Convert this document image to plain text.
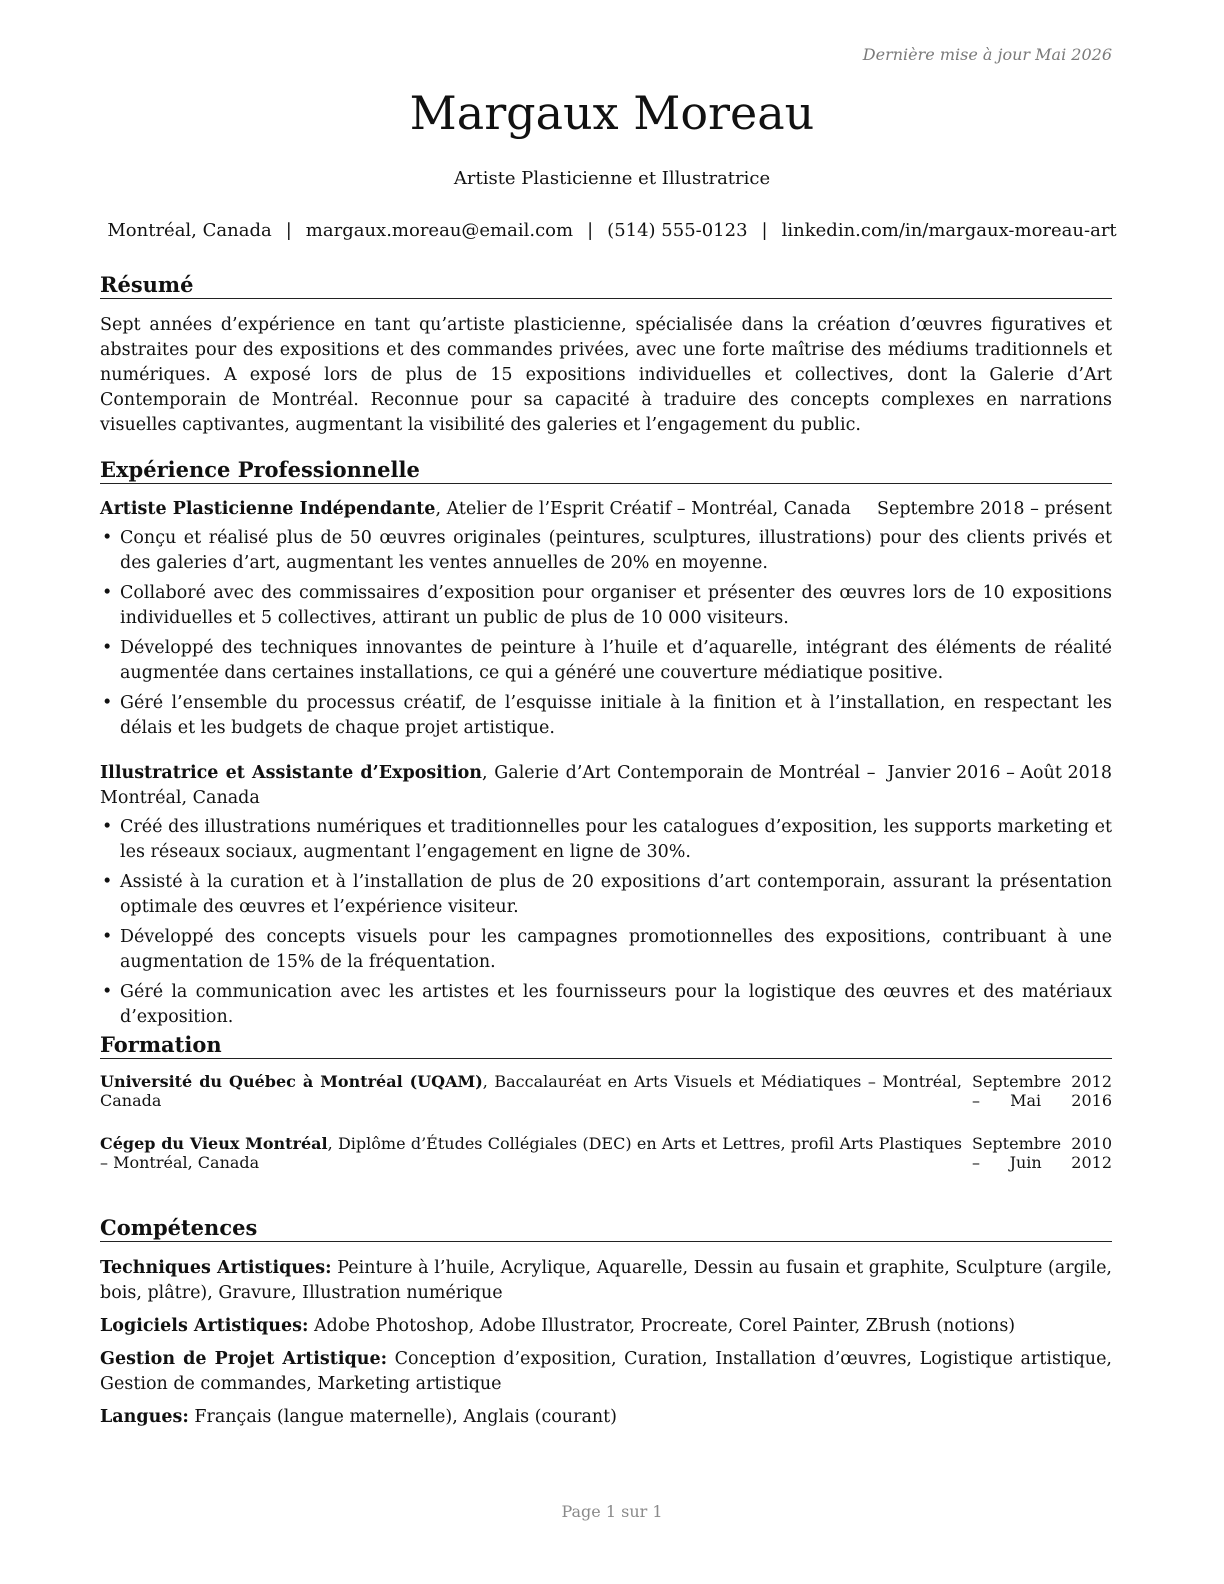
Dernière mise à jour Mai 2026
Margaux Moreau
Artiste Plasticienne et Illustratrice
Montréal, Canada | margaux.moreau@email.com | (514) 555-0123 | linkedin.com/in/margaux-moreau-art
Résumé

Sept années d’expérience en tant qu’artiste plasticienne, spécialisée dans la création d’œuvres figuratives et abstraites pour des expositions et des commandes privées, avec une forte maîtrise des médiums traditionnels et numériques. A exposé lors de plus de 15 expositions individuelles et collectives, dont la Galerie d’Art Contemporain de Montréal. Reconnue pour sa capacité à traduire des concepts complexes en narrations visuelles captivantes, augmentant la visibilité des galeries et l’engagement du public.

Expérience Professionnelle
Artiste Plasticienne Indépendante, Atelier de l’Esprit Créatif – Montréal, Canada	Septembre 2018 – présent
• Conçu et réalisé plus de 50 œuvres originales (peintures, sculptures, illustrations) pour des clients privés et des galeries d’art, augmentant les ventes annuelles de 20% en moyenne.
• Collaboré avec des commissaires d’exposition pour organiser et présenter des œuvres lors de 10 expositions individuelles et 5 collectives, attirant un public de plus de 10 000 visiteurs.
• Développé des techniques innovantes de peinture à l’huile et d’aquarelle, intégrant des éléments de réalité augmentée dans certaines installations, ce qui a généré une couverture médiatique positive.
• Géré l’ensemble du processus créatif, de l’esquisse initiale à la finition et à l’installation, en respectant les délais et les budgets de chaque projet artistique.
Illustratrice et Assistante d’Exposition, Galerie d’Art Contemporain de Montréal – Montréal, Canada
Janvier 2016 – Août 2018
• Créé des illustrations numériques et traditionnelles pour les catalogues d’exposition, les supports marketing et les réseaux sociaux, augmentant l’engagement en ligne de 30%.
• Assisté à la curation et à l’installation de plus de 20 expositions d’art contemporain, assurant la présentation optimale des œuvres et l’expérience visiteur.
• Développé des concepts visuels pour les campagnes promotionnelles des expositions, contribuant à une augmentation de 15% de la fréquentation.
• Géré la communication avec les artistes et les fournisseurs pour la logistique des œuvres et des matériaux d’exposition.
Formation
Université du Québec à Montréal (UQAM), Baccalauréat en Arts Visuels et Médiatiques – Montréal, Canada
Septembre 2012 – Mai 2016
Cégep du Vieux Montréal, Diplôme d’Études Collégiales (DEC) en Arts et Lettres, profil Arts Plastiques – Montréal, Canada
Septembre 2010 – Juin 2012
Compétences

Techniques Artistiques: Peinture à l’huile, Acrylique, Aquarelle, Dessin au fusain et graphite, Sculpture (argile, bois, plâtre), Gravure, Illustration numérique

Logiciels Artistiques: Adobe Photoshop, Adobe Illustrator, Procreate, Corel Painter, ZBrush (notions)

Gestion de Projet Artistique: Conception d’exposition, Curation, Installation d’œuvres, Logistique artistique, Gestion de commandes, Marketing artistique

Langues: Français (langue maternelle), Anglais (courant)

Page 1 sur 1
